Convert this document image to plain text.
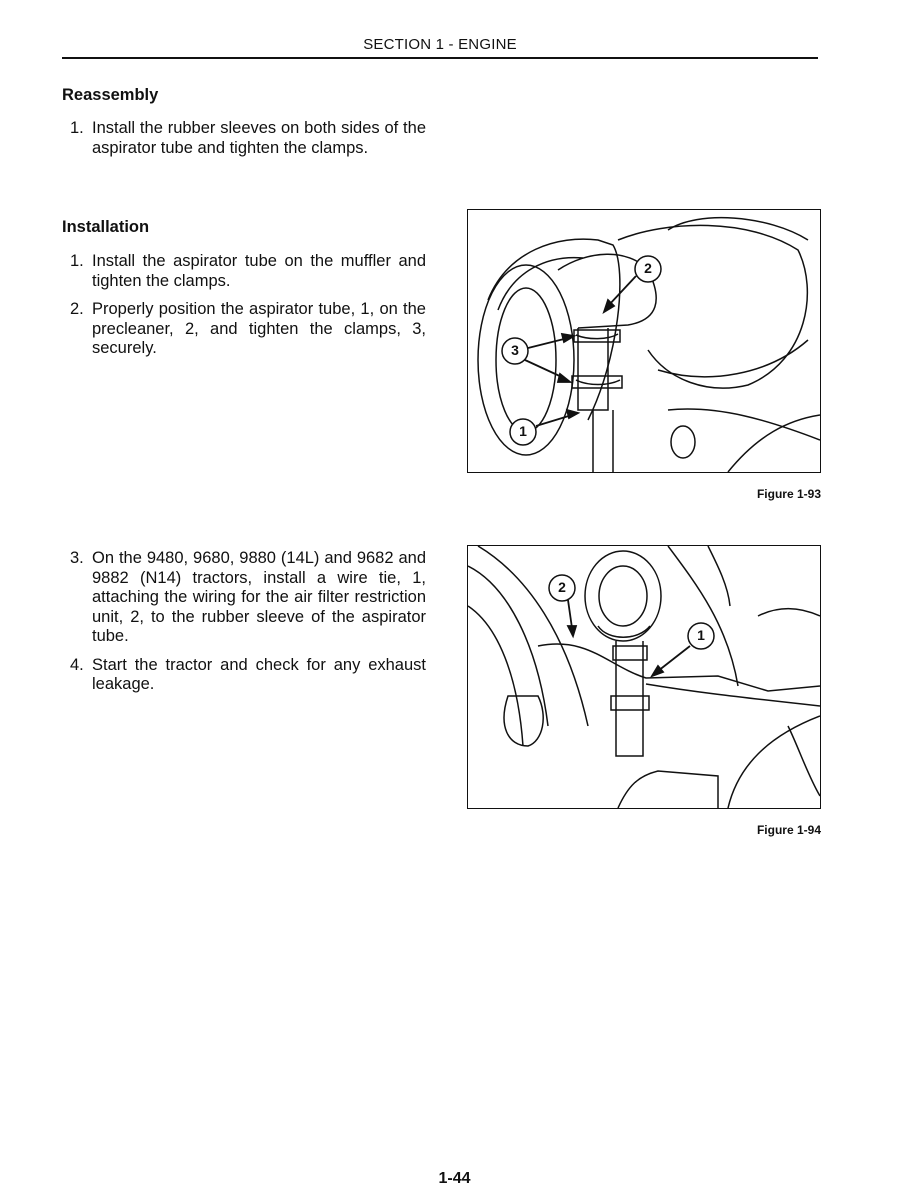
SECTION 1 - ENGINE
Reassembly
1. Install the rubber sleeves on both sides of the aspirator tube and tighten the clamps.
Installation
1. Install the aspirator tube on the muffler and tighten the clamps.
2. Properly position the aspirator tube, 1, on the precleaner, 2, and tighten the clamps, 3, securely.
3. On the 9480, 9680, 9880 (14L) and 9682 and 9882 (N14) tractors, install a wire tie, 1, attaching the wiring for the air filter restriction unit, 2, to the rubber sleeve of the aspirator tube.
4. Start the tractor and check for any exhaust leakage.
2
3
1
Figure 1-93
2
1
Figure 1-94
1-44
